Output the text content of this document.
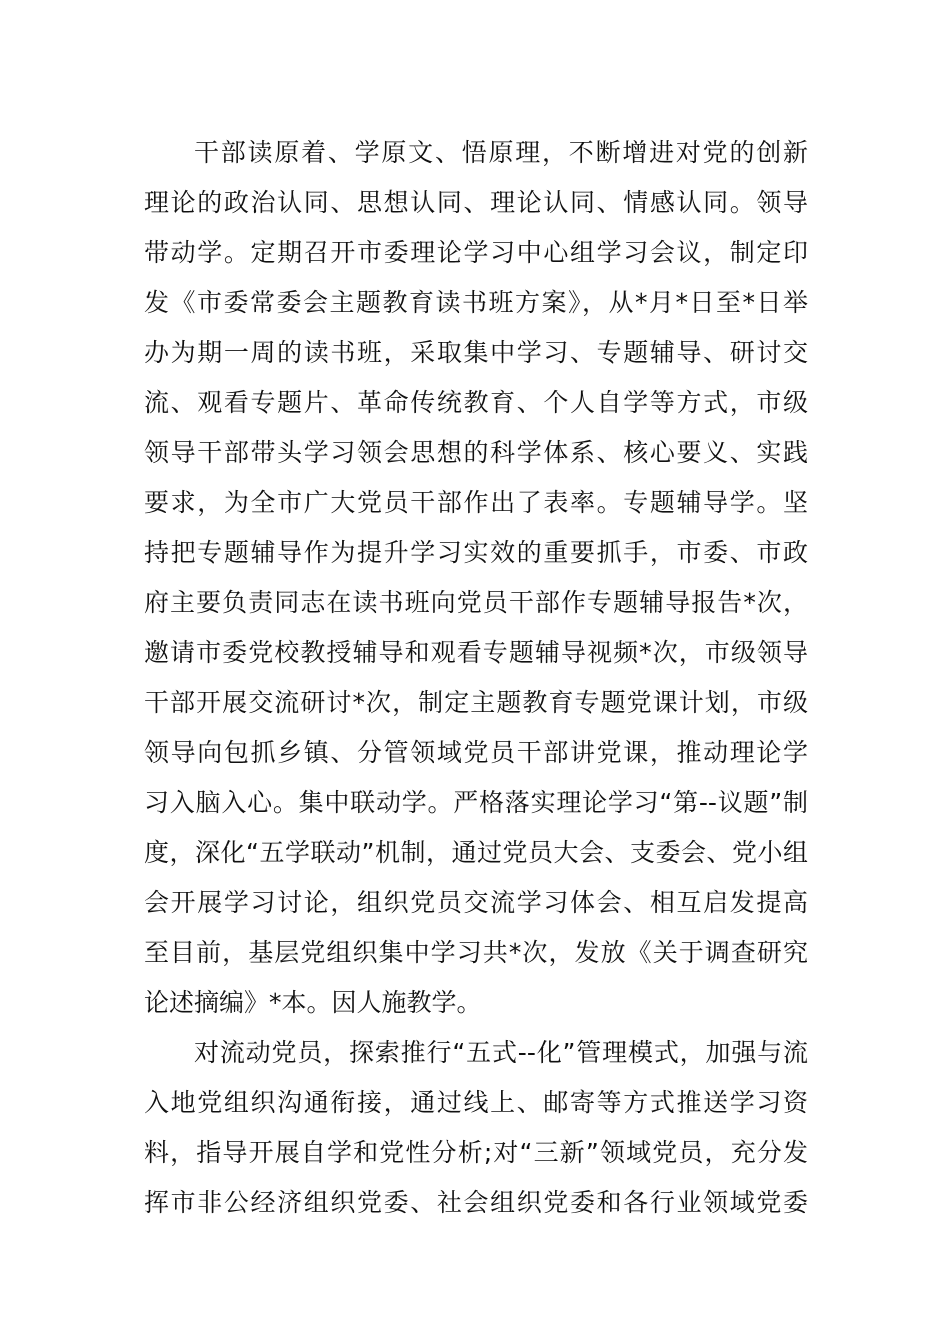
干部读原着、学原文、悟原理，不断增进对党的创新
理论的政治认同、思想认同、理论认同、情感认同。领导
带动学。定期召开市委理论学习中心组学习会议，制定印
发《市委常委会主题教育读书班方案》，从*月*日至*日举
办为期一周的读书班，采取集中学习、专题辅导、研讨交
流、观看专题片、革命传统教育、个人自学等方式，市级
领导干部带头学习领会思想的科学体系、核心要义、实践
要求，为全市广大党员干部作出了表率。专题辅导学。坚
持把专题辅导作为提升学习实效的重要抓手，市委、市政
府主要负责同志在读书班向党员干部作专题辅导报告*次，
邀请市委党校教授辅导和观看专题辅导视频*次，市级领导
干部开展交流研讨*次，制定主题教育专题党课计划，市级
领导向包抓乡镇、分管领域党员干部讲党课，推动理论学
习入脑入心。集中联动学。严格落实理论学习“第--议题”制
度，深化“五学联动”机制，通过党员大会、支委会、党小组
会开展学习讨论，组织党员交流学习体会、相互启发提高
至目前，基层党组织集中学习共*次，发放《关于调查研究
论述摘编》*本。因人施教学。
对流动党员，探索推行“五式--化”管理模式，加强与流
入地党组织沟通衔接，通过线上、邮寄等方式推送学习资
料，指导开展自学和党性分析;对“三新”领域党员，充分发
挥市非公经济组织党委、社会组织党委和各行业领域党委
